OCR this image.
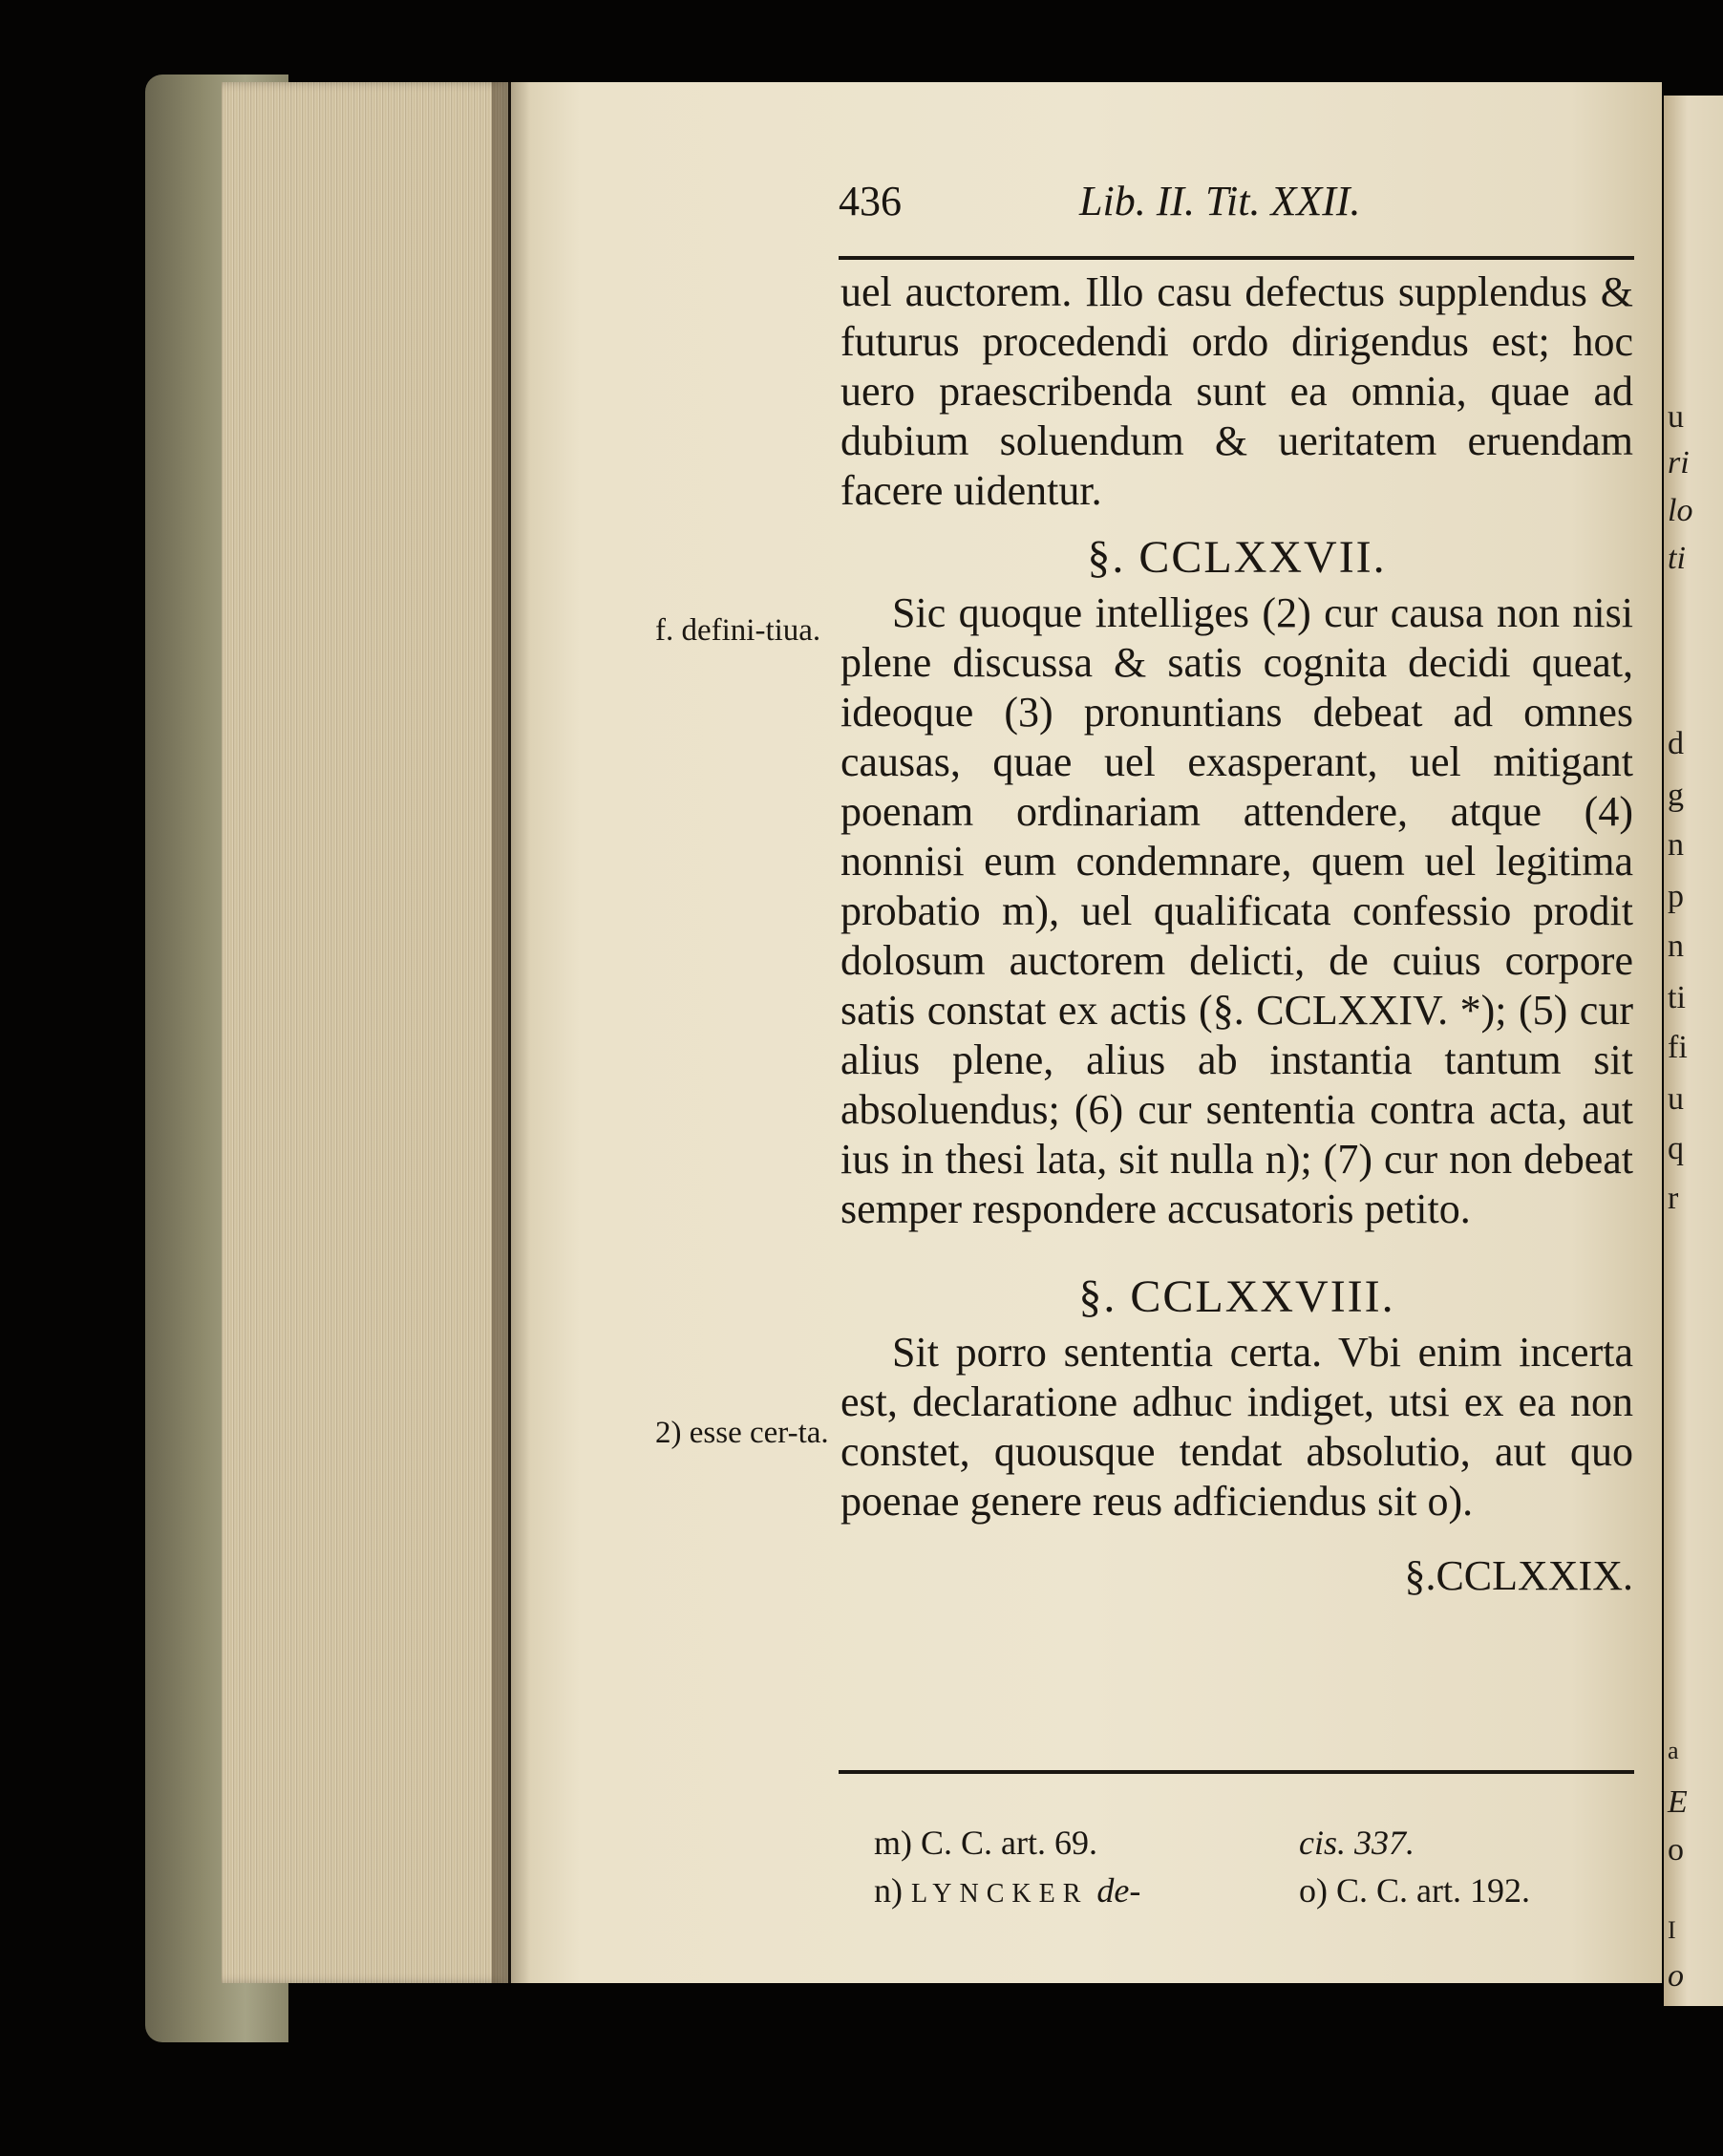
u
ri
lo
ti
d
g
n
p
n
ti
fi
u
q
r
a
E
o
I
o
436	Lib. II. Tit. XXII.

uel auctorem. Illo casu defectus supplendus & futurus procedendi ordo dirigendus est; hoc uero praescribenda sunt ea omnia, quae ad dubium soluendum & ueritatem eruendam facere uidentur.

§. CCLXXVII.

Sic quoque intelliges (2) cur causa non nisi plene discussa & satis cognita decidi queat, ideoque (3) pronuntians debeat ad omnes causas, quae uel exasperant, uel mitigant poenam ordinariam attendere, atque (4) nonnisi eum condemnare, quem uel legitima probatio m), uel qualificata confessio prodit dolosum auctorem delicti, de cuius corpore satis constat ex actis (§. CCLXXIV. *); (5) cur alius plene, alius ab instantia tantum sit absoluendus; (6) cur sententia contra acta, aut ius in thesi lata, sit nulla n); (7) cur non debeat semper respondere accusatoris petito.

§. CCLXXVIII.

Sit porro sententia certa. Vbi enim incerta est, declaratione adhuc indiget, utsi ex ea non constet, quousque tendat absolutio, aut quo poenae genere reus adficiendus sit o).

§.CCLXXIX.
f. defini-tiua.
2) esse cer-ta.
m) C. C. art. 69.	cis. 337.
n) LYNCKER de-	o) C. C. art. 192.
